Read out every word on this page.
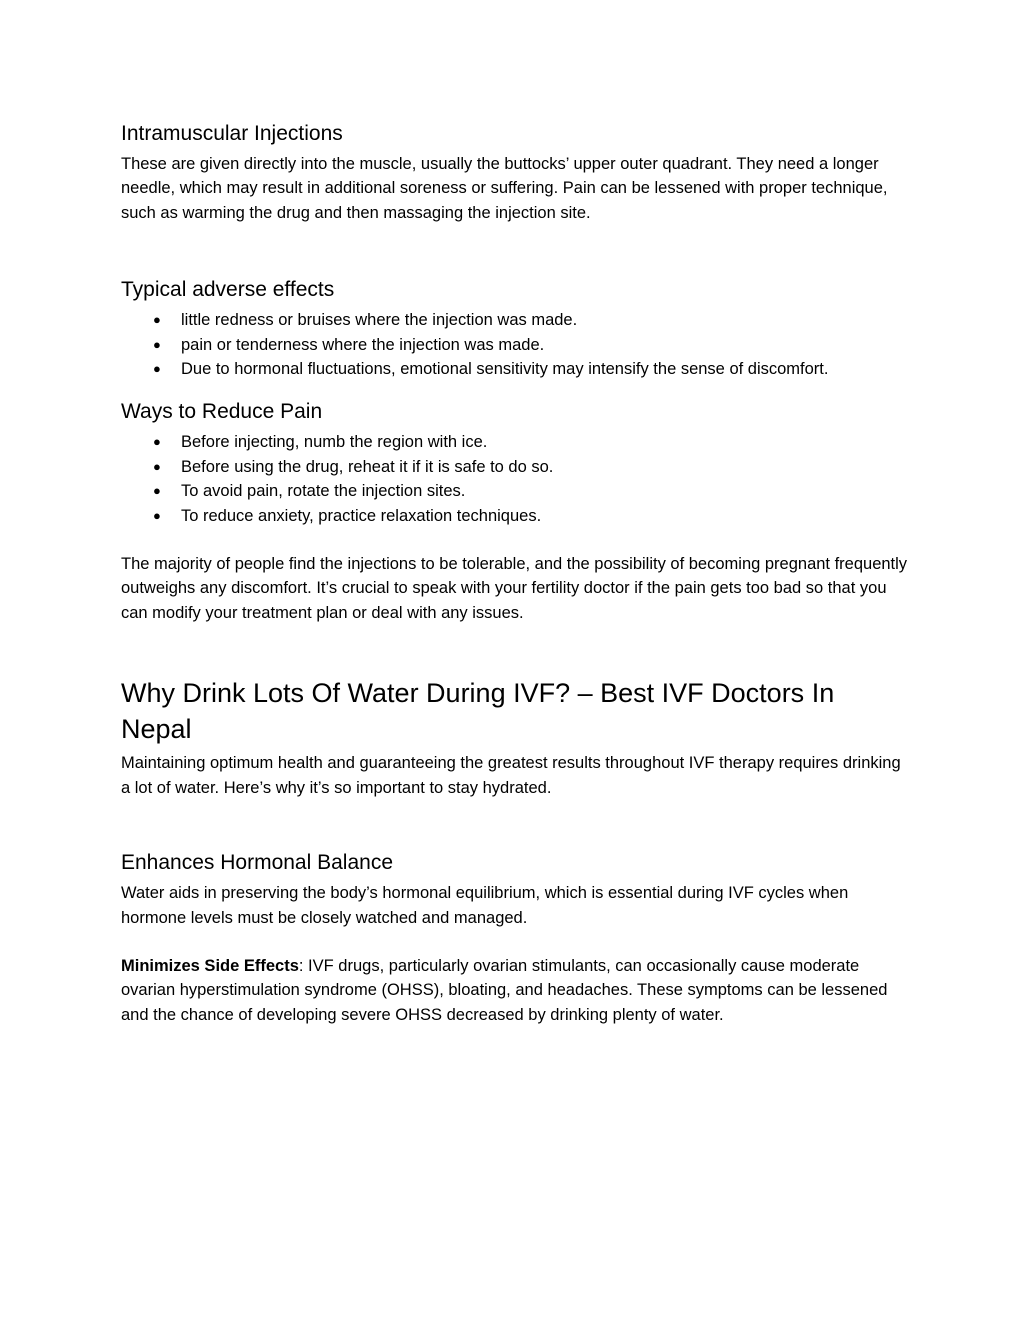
Intramuscular Injections

These are given directly into the muscle, usually the buttocks’ upper outer quadrant. They need a longer needle, which may result in additional soreness or suffering. Pain can be lessened with proper technique, such as warming the drug and then massaging the injection site.

Typical adverse effects
● little redness or bruises where the injection was made.
● pain or tenderness where the injection was made.
● Due to hormonal fluctuations, emotional sensitivity may intensify the sense of discomfort.
Ways to Reduce Pain
● Before injecting, numb the region with ice.
● Before using the drug, reheat it if it is safe to do so.
● To avoid pain, rotate the injection sites.
● To reduce anxiety, practice relaxation techniques.

The majority of people find the injections to be tolerable, and the possibility of becoming pregnant frequently outweighs any discomfort. It’s crucial to speak with your fertility doctor if the pain gets too bad so that you can modify your treatment plan or deal with any issues.

Why Drink Lots Of Water During IVF? – Best IVF Doctors In Nepal

Maintaining optimum health and guaranteeing the greatest results throughout IVF therapy requires drinking a lot of water. Here’s why it’s so important to stay hydrated.

Enhances Hormonal Balance

Water aids in preserving the body’s hormonal equilibrium, which is essential during IVF cycles when hormone levels must be closely watched and managed.

Minimizes Side Effects: IVF drugs, particularly ovarian stimulants, can occasionally cause moderate ovarian hyperstimulation syndrome (OHSS), bloating, and headaches. These symptoms can be lessened and the chance of developing severe OHSS decreased by drinking plenty of water.
